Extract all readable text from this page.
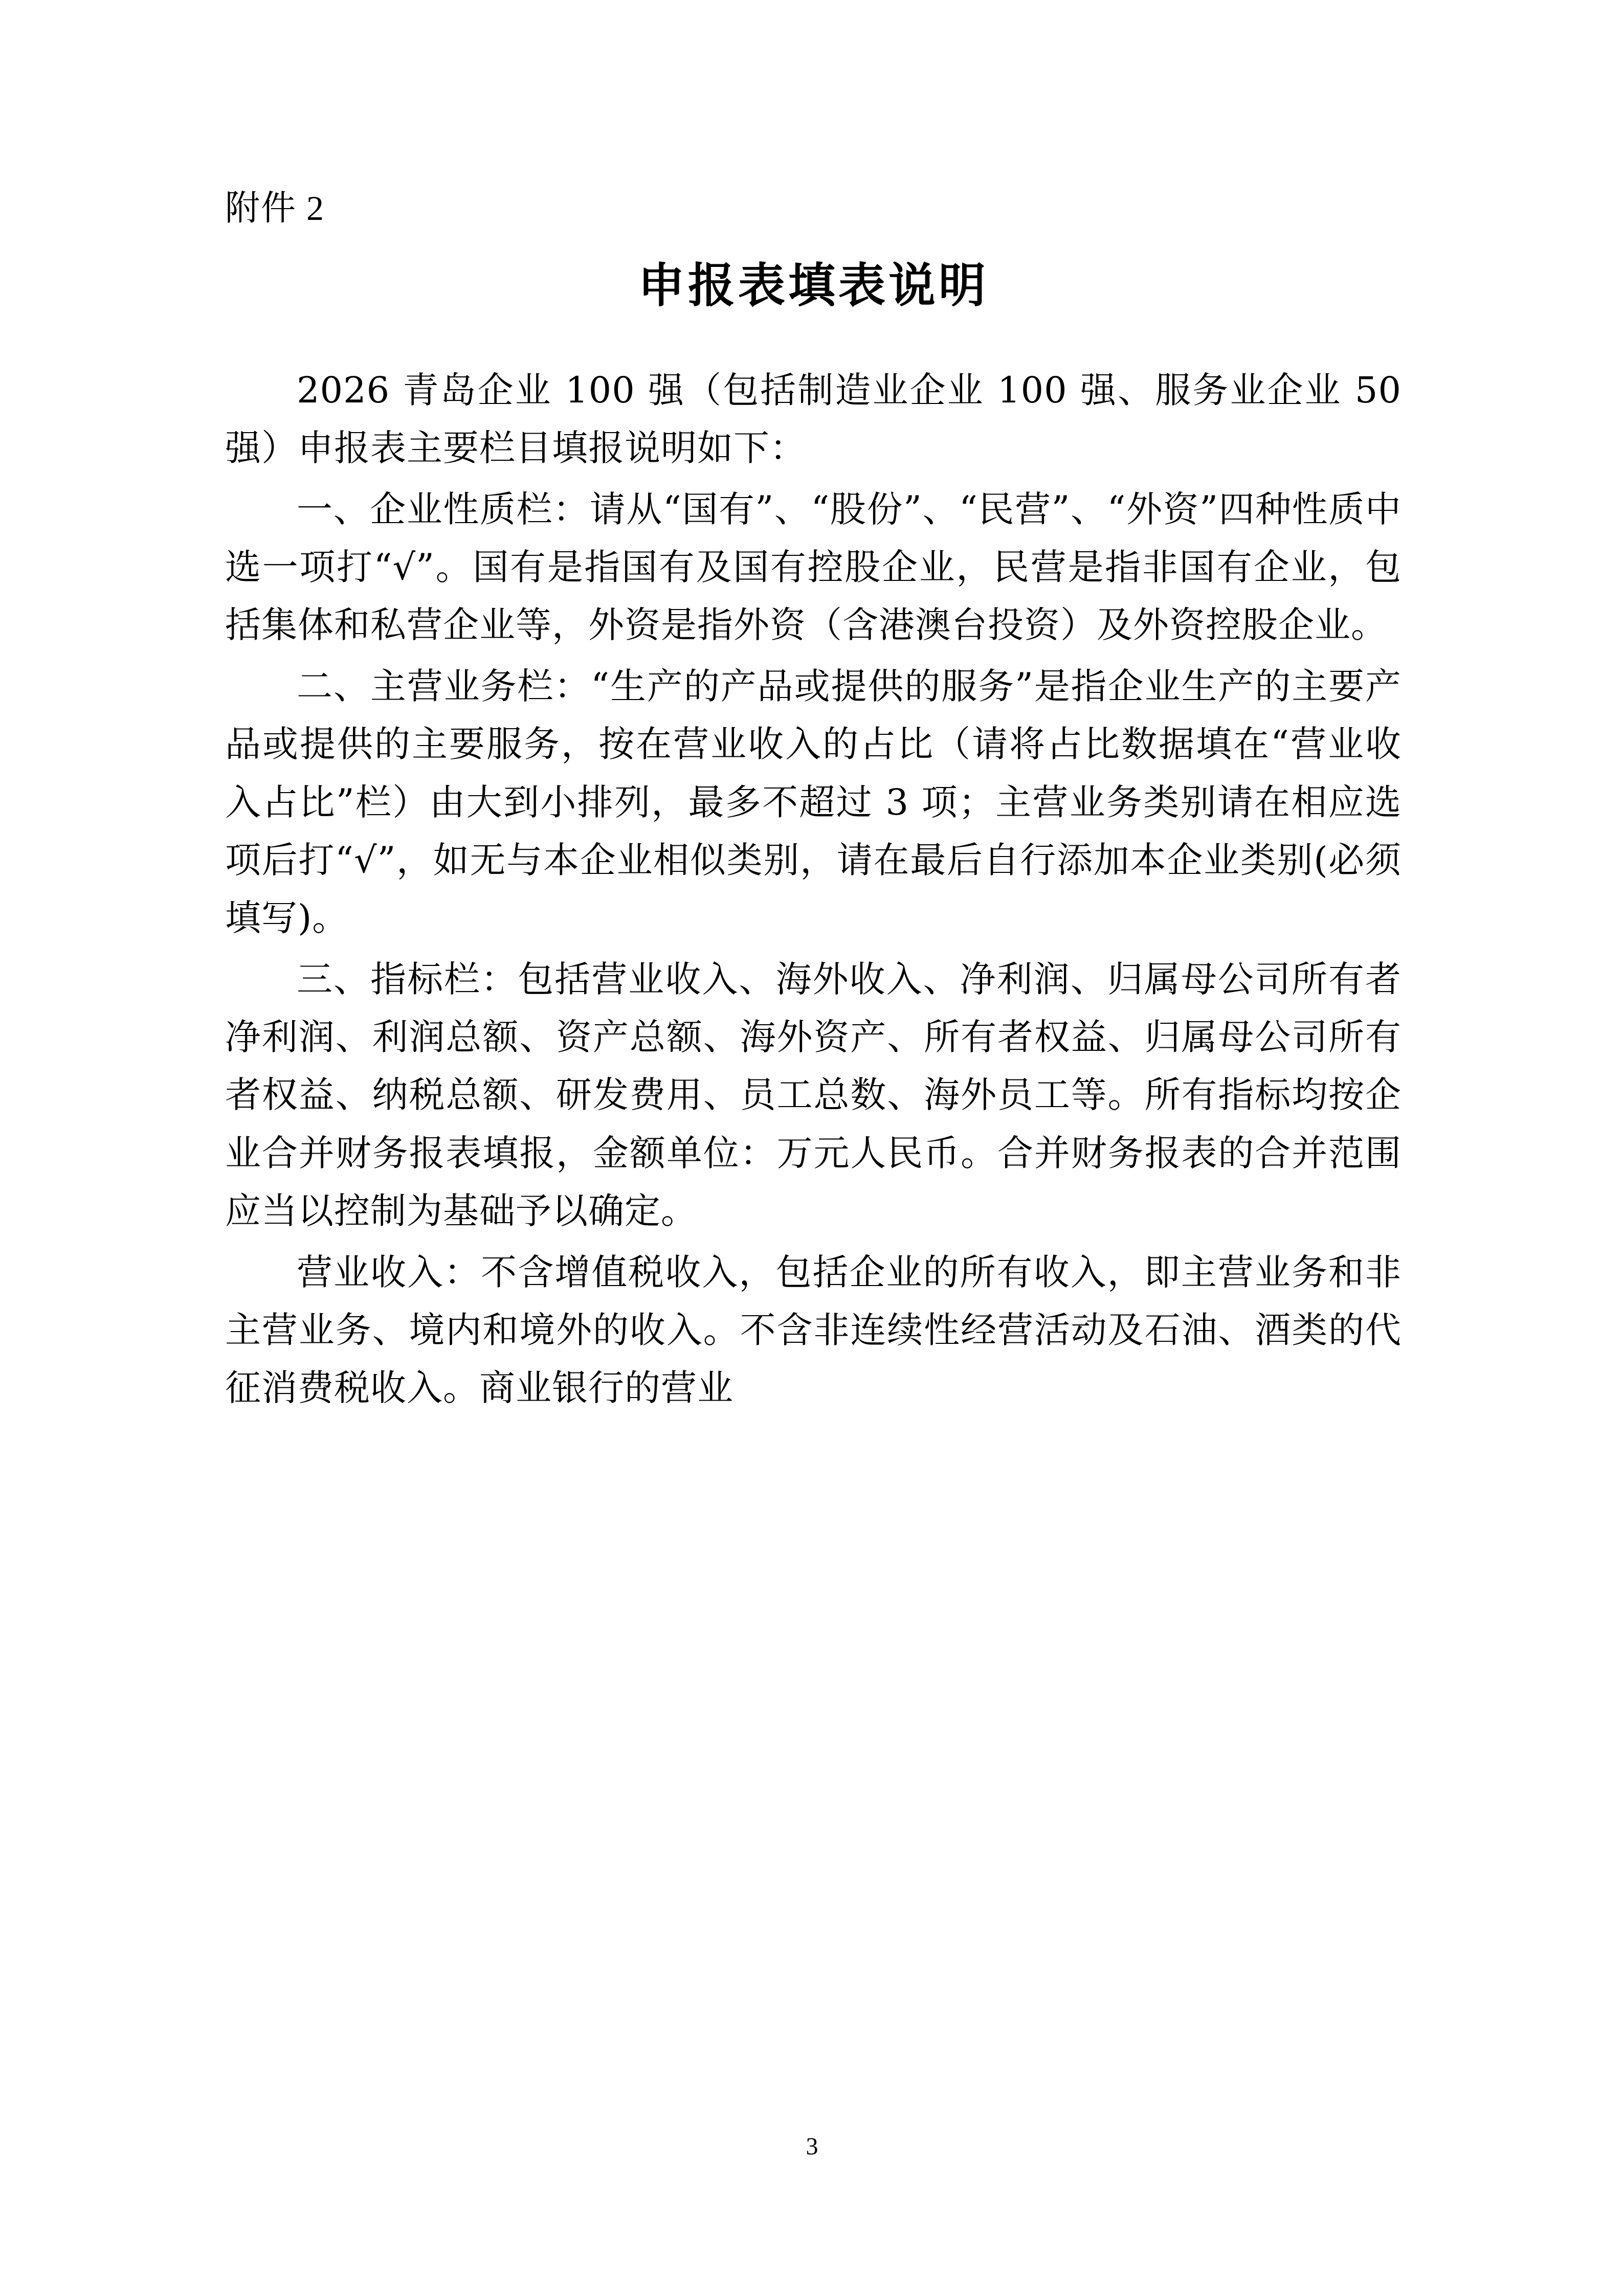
附件 2
申报表填表说明

2026 青岛企业 100 强（包括制造业企业 100 强、服务业企业 50 强）申报表主要栏目填报说明如下：

一、企业性质栏：请从“国有”、“股份”、“民营”、“外资”四种性质中选一项打“√”。国有是指国有及国有控股企业，民营是指非国有企业，包括集体和私营企业等，外资是指外资（含港澳台投资）及外资控股企业。

二、主营业务栏：“生产的产品或提供的服务”是指企业生产的主要产品或提供的主要服务，按在营业收入的占比（请将占比数据填在“营业收入占比”栏）由大到小排列，最多不超过 3 项；主营业务类别请在相应选项后打“√”，如无与本企业相似类别，请在最后自行添加本企业类别(必须填写)。

三、指标栏：包括营业收入、海外收入、净利润、归属母公司所有者净利润、利润总额、资产总额、海外资产、所有者权益、归属母公司所有者权益、纳税总额、研发费用、员工总数、海外员工等。所有指标均按企业合并财务报表填报，金额单位：万元人民币。合并财务报表的合并范围应当以控制为基础予以确定。

营业收入：不含增值税收入，包括企业的所有收入，即主营业务和非主营业务、境内和境外的收入。不含非连续性经营活动及石油、酒类的代征消费税收入。商业银行的营业

3
